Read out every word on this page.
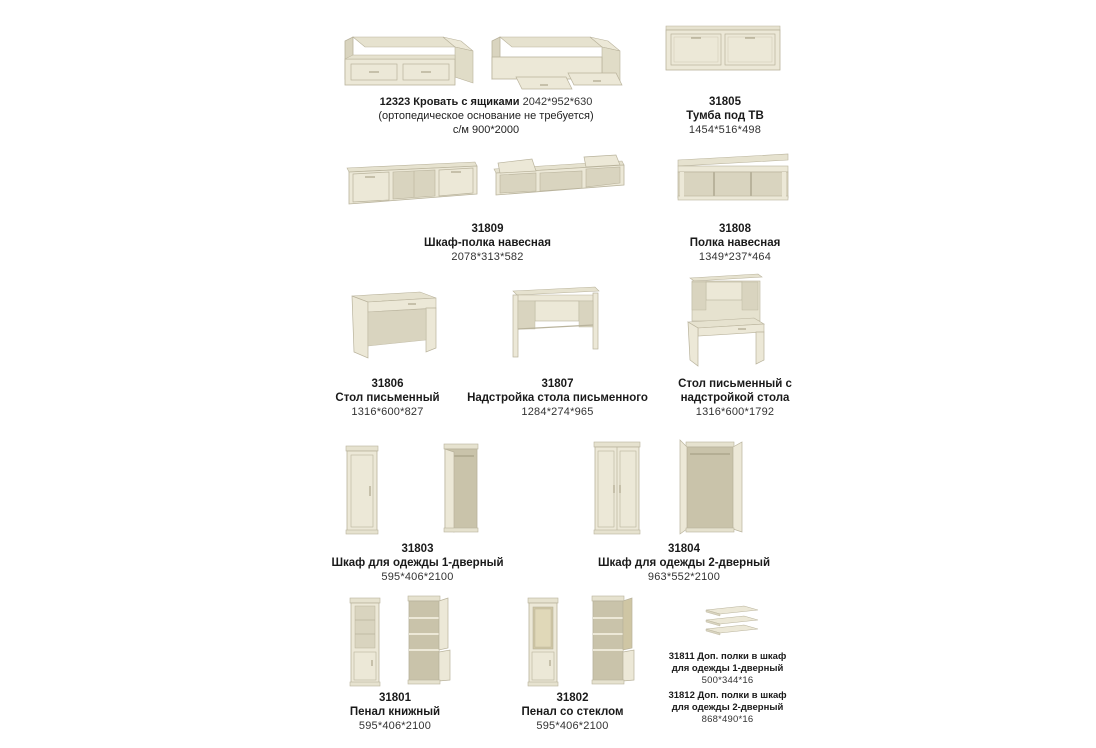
12323 Кровать с ящиками 2042*952*630
(ортопедическое основание не требуется)
с/м 900*2000
31805
Тумба под ТВ
1454*516*498
31809
Шкаф-полка навесная
2078*313*582
31808
Полка навесная
1349*237*464
31806
Стол письменный
1316*600*827
31807
Надстройка стола письменного
1284*274*965
Стол письменный с
надстройкой стола
1316*600*1792
31803
Шкаф для одежды 1-дверный
595*406*2100
31804
Шкаф для одежды 2-дверный
963*552*2100
31801
Пенал книжный
595*406*2100
31802
Пенал со стеклом
595*406*2100
31811 Доп. полки в шкаф
для одежды 1-дверный
500*344*16
31812 Доп. полки в шкаф
для одежды 2-дверный
868*490*16
